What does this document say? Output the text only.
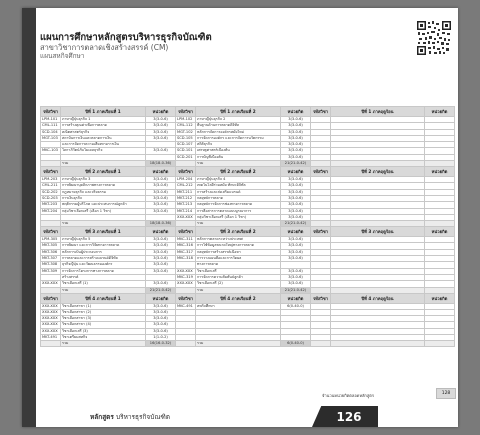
แผนการศึกษาหลักสูตรบริหารธุรกิจบัณฑิต
สาขาวิชาการตลาดเชิงสร้างสรรค์ (CM)
แผนสหกิจศึกษา
รหัสวิชา	ปีที่ 1 ภาคเรียนที่ 1	หน่วยกิต	รหัสวิชา	ปีที่ 1 ภาคเรียนที่ 2	หน่วยกิต	รหัสวิชา	ปีที่ 1 ภาคฤดูร้อน	หน่วยกิต
LPM-101	ภาษาญี่ปุ่นธุรกิจ 1	3(3-0-6)	LPM-102	ภาษาญี่ปุ่นธุรกิจ 2	3(3-0-6)			
CML-111	การสร้างคุณค่าเพื่อการตลาด	3(3-0-6)	CML-112	พื้นฐานด้านการตลาดดิจิทัล	3(3-0-6)			
SCD-104	คณิตศาสตร์ธุรกิจ	3(3-0-6)	MGT-102	หลักการจัดการองค์กรสมัยใหม่	3(3-0-6)			
MGT-103	สถาบันการเงินและตลาดการเงิน	3(3-0-6)	SCD-105	การจัดการองค์กร และการจัดการนวัตกรรม	3(3-0-6)			
	และการจัดการความเสี่ยงทางการเงิน		SCD-107	สถิติธุรกิจ	3(3-0-6)			
MKC-103	โลกาภิวัตน์กับโมเดลธุรกิจ	3(3-0-6)	SCD-101	เศรษฐศาสตร์เบื้องต้น	3(3-0-6)			
			SCD-201	การบัญชีเบื้องต้น	3(3-0-6)			
	รวม	18(18-0-36)		รวม	21(21-0-42)			
รหัสวิชา	ปีที่ 2 ภาคเรียนที่ 1	หน่วยกิต	รหัสวิชา	ปีที่ 2 ภาคเรียนที่ 2	หน่วยกิต	รหัสวิชา	ปีที่ 2 ภาคฤดูร้อน	หน่วยกิต
LPM-203	ภาษาญี่ปุ่นธุรกิจ 3	3(3-0-6)	LPM-204	ภาษาญี่ปุ่นธุรกิจ 4	3(3-0-6)			
CML-211	การพัฒนาบุคลิกภาพทางการตลาด	3(3-0-6)	CML-212	เทคโนโลยีร่วมสมัย ทักษะดิจิทัล	3(3-0-6)			
SCD-202	กฎหมายธุรกิจ และจริยธรรม	3(3-0-6)	MKT-211	การสร้างและส่งเสริมแบรนด์	3(3-0-6)			
SCD-203	การเงินธุรกิจ	3(3-0-6)	MKT-212	กลยุทธ์การตลาด	3(3-0-6)			
MKT-203	พฤติกรรมผู้บริโภค และประสบการณ์ลูกค้า	3(3-0-6)	MKT-213	กลยุทธ์การจัดการช่องทางการตลาด	3(3-0-6)			
MKT-204	กลุ่มวิชาเลือกเสรี (เลือก 1 วิชา)	3(3-0-6)	MKT-214	การสื่อสารการตลาดแบบบูรณาการ	3(3-0-6)			
			XXX-XXX	กลุ่มวิชาเลือกเสรี (เลือก 1 วิชา)	3(3-0-6)			
	รวม	18(18-0-36)		รวม	21(21-0-42)			
รหัสวิชา	ปีที่ 3 ภาคเรียนที่ 1	หน่วยกิต	รหัสวิชา	ปีที่ 3 ภาคเรียนที่ 2	หน่วยกิต	รหัสวิชา	ปีที่ 3 ภาคฤดูร้อน	หน่วยกิต
LPM-305	ภาษาญี่ปุ่นธุรกิจ 5	3(3-0-6)	MKC-311	หลักการตลาดระหว่างประเทศ	3(3-0-6)			
MKT-305	การพัฒนา และการวิจัยทางการตลาด	3(3-0-6)	MKC-316	การใช้ข้อมูลขนาดใหญ่ทางการตลาด	3(3-0-6)			
MKT-306	หลักการเป็นผู้ประกอบการ	3(3-0-6)	MKC-317	กลยุทธ์การสร้างสรรค์เนื้อหา	3(3-0-6)			
MKT-307	การตลาดและการสร้างแบรนด์ดิจิทัล	3(3-0-6)	MKC-318	การวางแผนสื่อและการวัดผล	3(3-0-6)			
MKT-308	ธุรกิจญี่ปุ่น และวัฒนธรรมองค์กร	3(3-0-6)		ทางการตลาด				
MKT-309	การจัดการโครงการทางการตลาด	3(3-0-6)	XXX-XXX	วิชาเลือกเสรี	3(3-0-6)			
	สร้างสรรค์		MKC-319	การจัดการความสัมพันธ์ลูกค้า	3(3-0-6)			
XXX-XXX	วิชาเลือกเสรี (1)	3(3-0-6)	XXX-XXX	วิชาเลือกเสรี (2)	3(3-0-6)			
	รวม	21(21-0-42)		รวม	21(21-0-42)			
รหัสวิชา	ปีที่ 4 ภาคเรียนที่ 1	หน่วยกิต	รหัสวิชา	ปีที่ 4 ภาคเรียนที่ 2	หน่วยกิต	รหัสวิชา	ปีที่ 4 ภาคฤดูร้อน	หน่วยกิต
XXX-XXX	วิชาเลือกสาขา (1)	3(3-0-6)	MKC-491	สหกิจศึกษา	6(0-40-0)			
XXX-XXX	วิชาเลือกสาขา (2)	3(3-0-6)						
XXX-XXX	วิชาเลือกสาขา (3)	3(3-0-6)						
XXX-XXX	วิชาเลือกสาขา (4)	3(3-0-6)						
XXX-XXX	วิชาเลือกเสรี (3)	3(3-0-6)						
MKT-491	วิชาเตรียมสหกิจ	1(1-0-2)						
	รวม	16(16-0-32)		รวม	6(0-40-0)			
จำนวนหน่วยกิตตลอดหลักสูตร	128
หลักสูตร บริหารธุรกิจบัณฑิต	126
